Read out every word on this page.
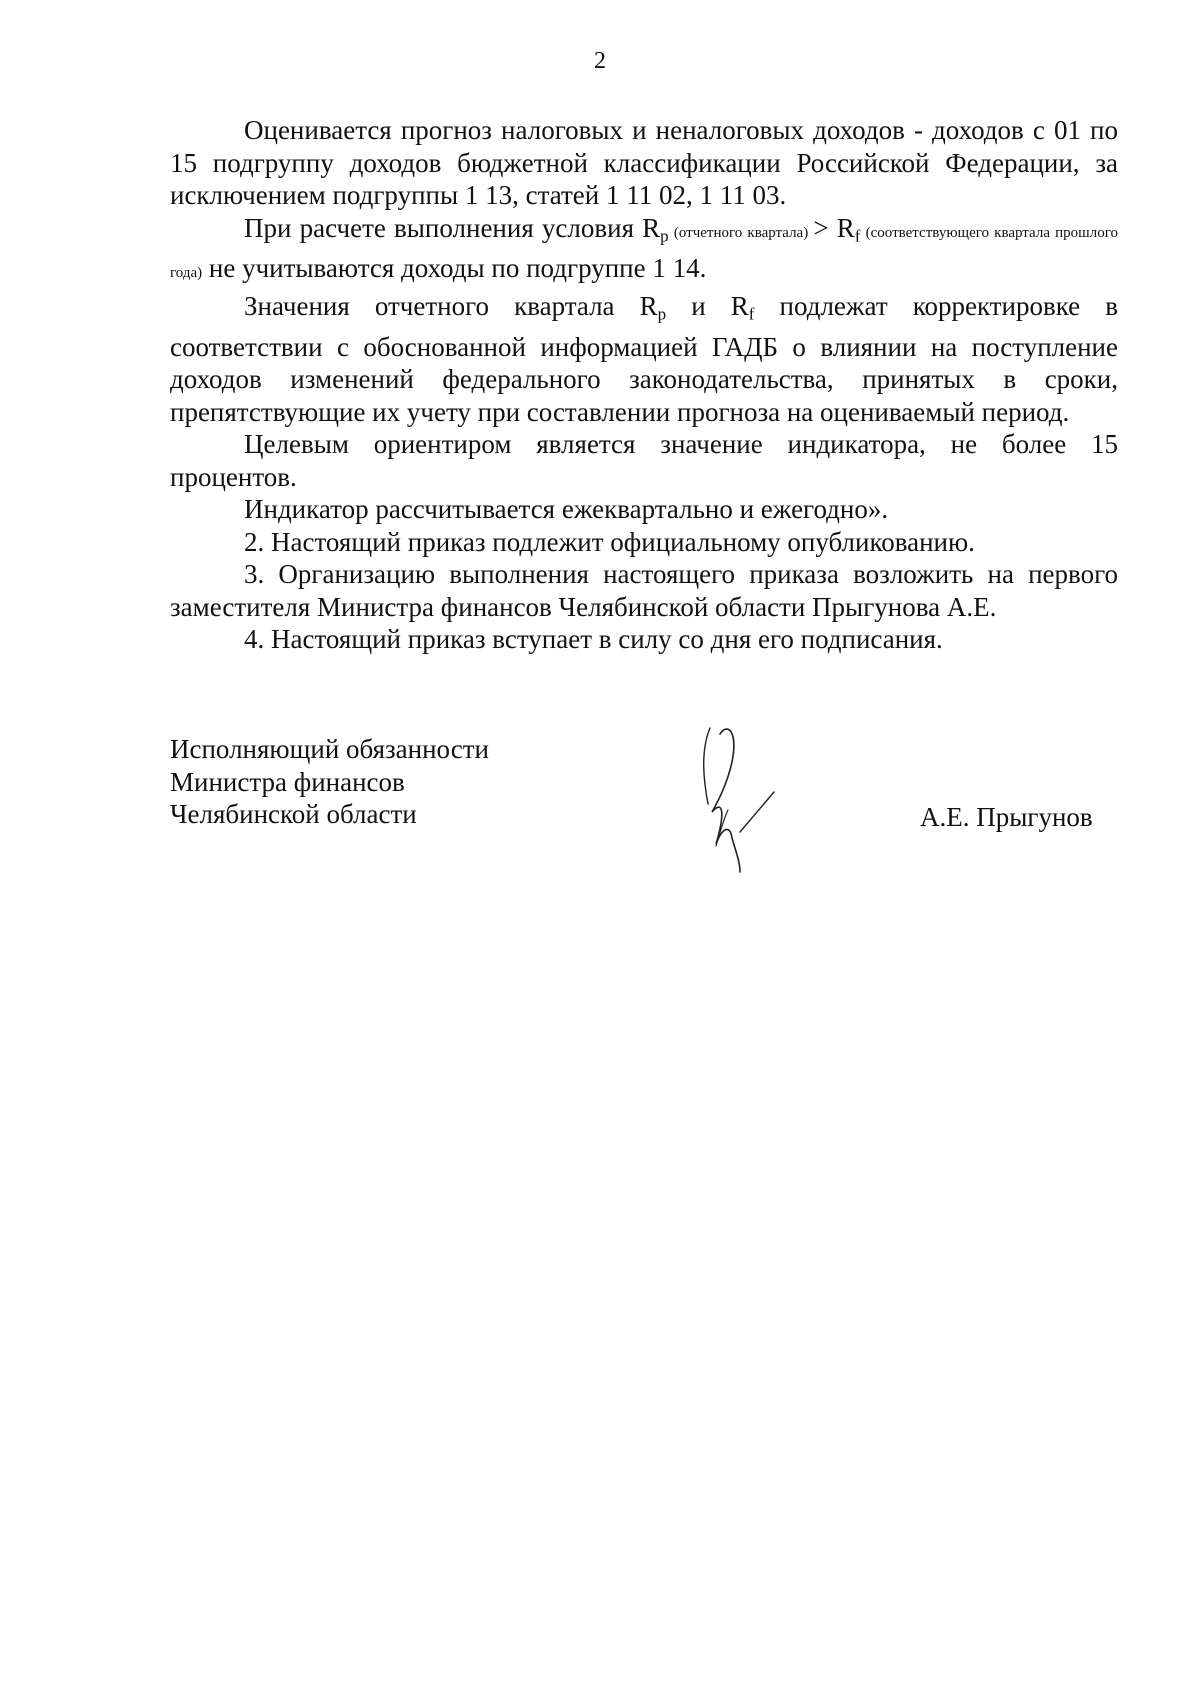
2

Оценивается прогноз налоговых и неналоговых доходов - доходов с 01 по 15 подгруппу доходов бюджетной классификации Российской Федерации, за исключением подгруппы 1 13, статей 1 11 02, 1 11 03.

При расчете выполнения условия $R_p$ (отчетного квартала) > $R_f$ (соответствующего квартала прошлого года) не учитываются доходы по подгруппе 1 14.

Значения отчетного квартала $R_p$ и $R_f$ подлежат корректировке в соответствии с обоснованной информацией ГАДБ о влиянии на поступление доходов изменений федерального законодательства, принятых в сроки, препятствующие их учету при составлении прогноза на оцениваемый период.

Целевым ориентиром является значение индикатора, не более 15 процентов.

Индикатор рассчитывается ежеквартально и ежегодно».

2. Настоящий приказ подлежит официальному опубликованию.

3. Организацию выполнения настоящего приказа возложить на первого заместителя Министра финансов Челябинской области Прыгунова А.Е.

4. Настоящий приказ вступает в силу со дня его подписания.

Исполняющий обязанности
Министра финансов
Челябинской области	А.Е. Прыгунов
